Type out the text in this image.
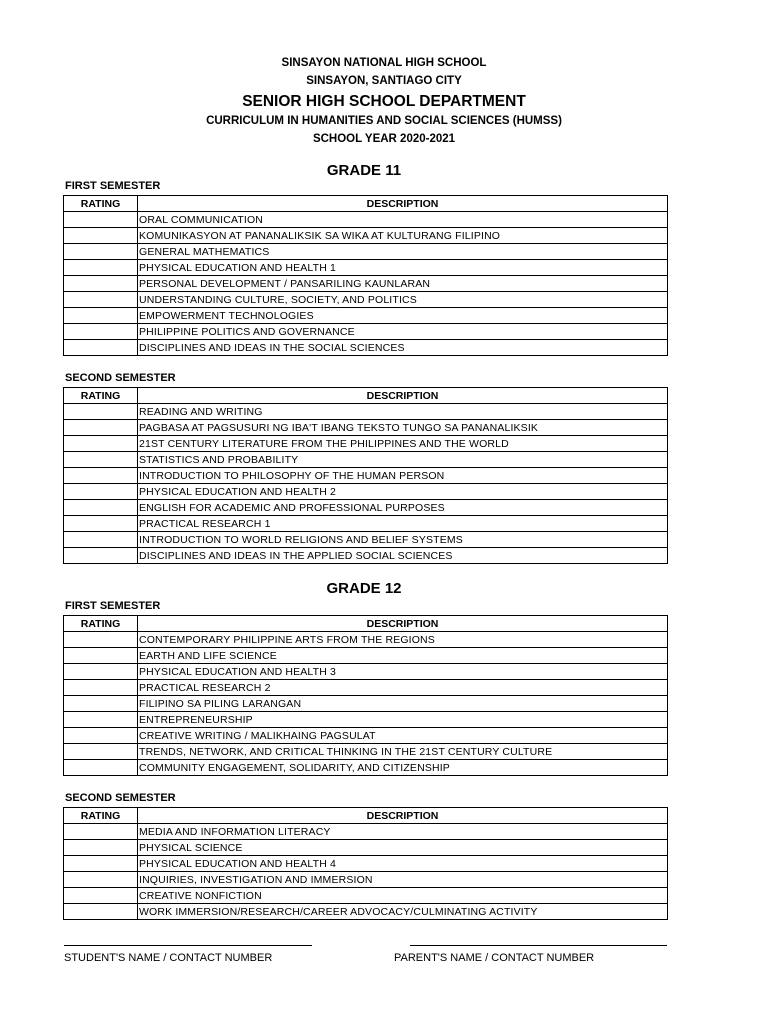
SINSAYON NATIONAL HIGH SCHOOL
SINSAYON, SANTIAGO CITY
SENIOR HIGH SCHOOL DEPARTMENT
CURRICULUM IN HUMANITIES AND SOCIAL SCIENCES (HUMSS)
SCHOOL YEAR 2020-2021
GRADE 11
FIRST SEMESTER
RATING	DESCRIPTION
	ORAL COMMUNICATION
	KOMUNIKASYON AT PANANALIKSIK SA WIKA AT KULTURANG FILIPINO
	GENERAL MATHEMATICS
	PHYSICAL EDUCATION AND HEALTH 1
	PERSONAL DEVELOPMENT / PANSARILING KAUNLARAN
	UNDERSTANDING CULTURE, SOCIETY, AND POLITICS
	EMPOWERMENT TECHNOLOGIES
	PHILIPPINE POLITICS AND GOVERNANCE
	DISCIPLINES AND IDEAS IN THE SOCIAL SCIENCES
SECOND SEMESTER
RATING	DESCRIPTION
	READING AND WRITING
	PAGBASA AT PAGSUSURI NG IBA'T IBANG TEKSTO TUNGO SA PANANALIKSIK
	21ST CENTURY LITERATURE FROM THE PHILIPPINES AND THE WORLD
	STATISTICS AND PROBABILITY
	INTRODUCTION TO PHILOSOPHY OF THE HUMAN PERSON
	PHYSICAL EDUCATION AND HEALTH 2
	ENGLISH FOR ACADEMIC AND PROFESSIONAL PURPOSES
	PRACTICAL RESEARCH 1
	INTRODUCTION TO WORLD RELIGIONS AND BELIEF SYSTEMS
	DISCIPLINES AND IDEAS IN THE APPLIED SOCIAL SCIENCES
GRADE 12
FIRST SEMESTER
RATING	DESCRIPTION
	CONTEMPORARY PHILIPPINE ARTS FROM THE REGIONS
	EARTH AND LIFE SCIENCE
	PHYSICAL EDUCATION AND HEALTH 3
	PRACTICAL RESEARCH 2
	FILIPINO SA PILING LARANGAN
	ENTREPRENEURSHIP
	CREATIVE WRITING / MALIKHAING PAGSULAT
	TRENDS, NETWORK, AND CRITICAL THINKING IN THE 21ST CENTURY CULTURE
	COMMUNITY ENGAGEMENT, SOLIDARITY, AND CITIZENSHIP
SECOND SEMESTER
RATING	DESCRIPTION
	MEDIA AND INFORMATION LITERACY
	PHYSICAL SCIENCE
	PHYSICAL EDUCATION AND HEALTH 4
	INQUIRIES, INVESTIGATION AND IMMERSION
	CREATIVE NONFICTION
	WORK IMMERSION/RESEARCH/CAREER ADVOCACY/CULMINATING ACTIVITY
STUDENT'S NAME / CONTACT NUMBER	PARENT'S NAME / CONTACT NUMBER
